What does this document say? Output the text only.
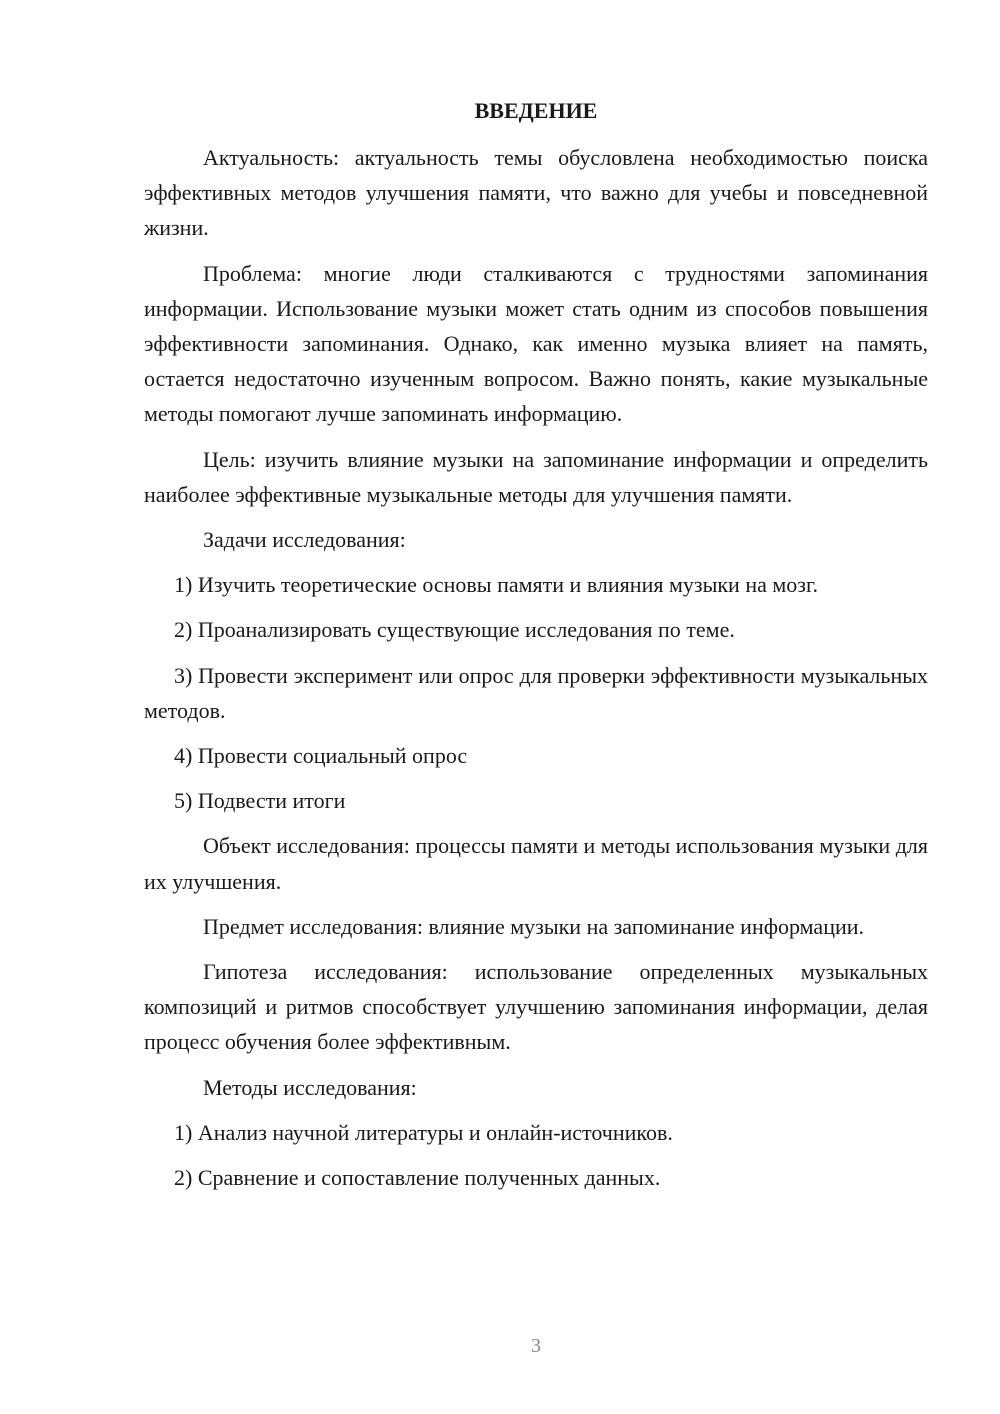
ВВЕДЕНИЕ

Актуальность: актуальность темы обусловлена необходимостью поиска эффективных методов улучшения памяти, что важно для учебы и повседневной жизни.

Проблема: многие люди сталкиваются с трудностями запоминания информации. Использование музыки может стать одним из способов повышения эффективности запоминания. Однако, как именно музыка влияет на память, остается недостаточно изученным вопросом. Важно понять, какие музыкальные методы помогают лучше запоминать информацию.

Цель: изучить влияние музыки на запоминание информации и определить наиболее эффективные музыкальные методы для улучшения памяти.

Задачи исследования:

1) Изучить теоретические основы памяти и влияния музыки на мозг.

2) Проанализировать существующие исследования по теме.

3) Провести эксперимент или опрос для проверки эффективности музыкальных методов.

4) Провести социальный опрос

5) Подвести итоги

Объект исследования: процессы памяти и методы использования музыки для их улучшения.

Предмет исследования: влияние музыки на запоминание информации.

Гипотеза исследования: использование определенных музыкальных композиций и ритмов способствует улучшению запоминания информации, делая процесс обучения более эффективным.

Методы исследования:

1) Анализ научной литературы и онлайн-источников.

2) Сравнение и сопоставление полученных данных.

3
